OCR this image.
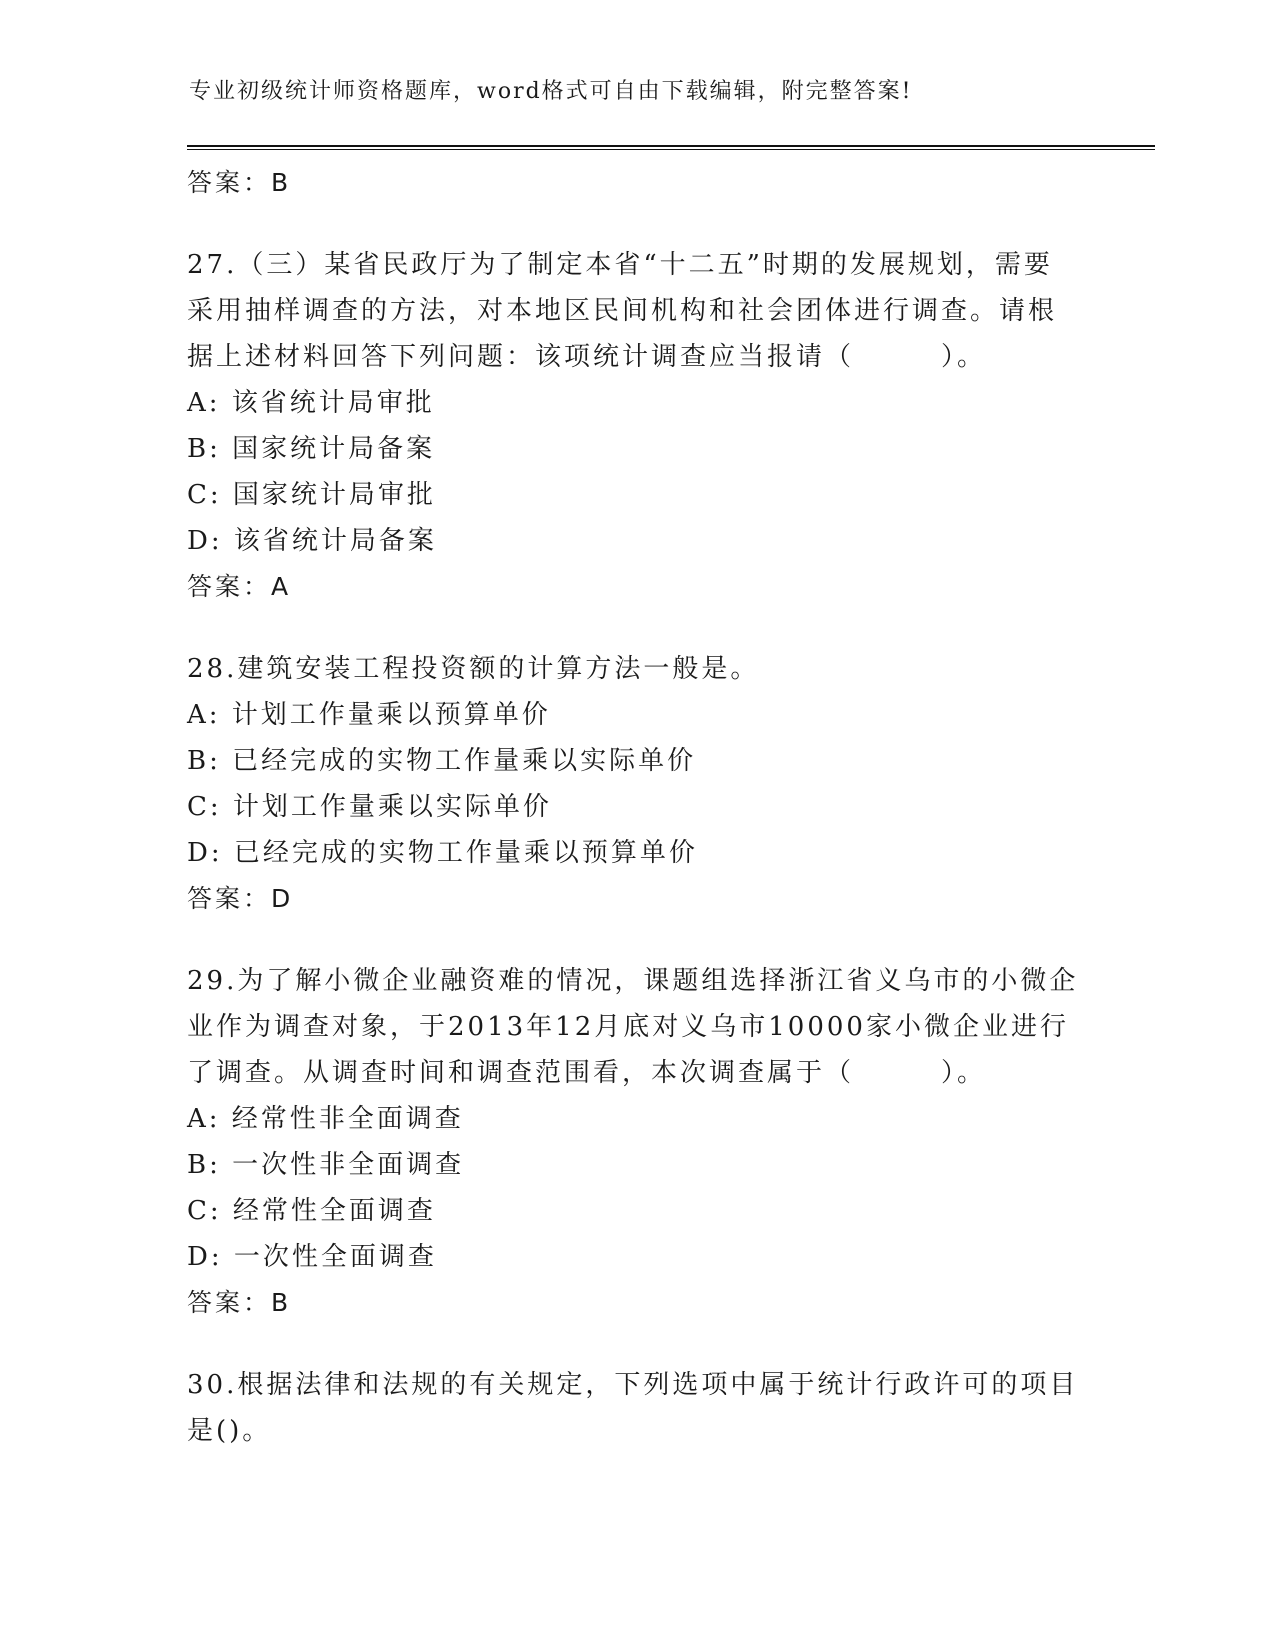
专业初级统计师资格题库，word格式可自由下载编辑，附完整答案!
答案：B
27.（三）某省民政厅为了制定本省“十二五”时期的发展规划，需要
采用抽样调查的方法，对本地区民间机构和社会团体进行调查。请根
据上述材料回答下列问题：该项统计调查应当报请（　　　）。
A: 该省统计局审批
B: 国家统计局备案
C: 国家统计局审批
D: 该省统计局备案
答案：A
28.建筑安装工程投资额的计算方法一般是。
A: 计划工作量乘以预算单价
B: 已经完成的实物工作量乘以实际单价
C: 计划工作量乘以实际单价
D: 已经完成的实物工作量乘以预算单价
答案：D
29.为了解小微企业融资难的情况，课题组选择浙江省义乌市的小微企
业作为调查对象，于2013年12月底对义乌市10000家小微企业进行
了调查。从调查时间和调查范围看，本次调查属于（　　　）。
A: 经常性非全面调查
B: 一次性非全面调查
C: 经常性全面调查
D: 一次性全面调查
答案：B
30.根据法律和法规的有关规定，下列选项中属于统计行政许可的项目
是()。
